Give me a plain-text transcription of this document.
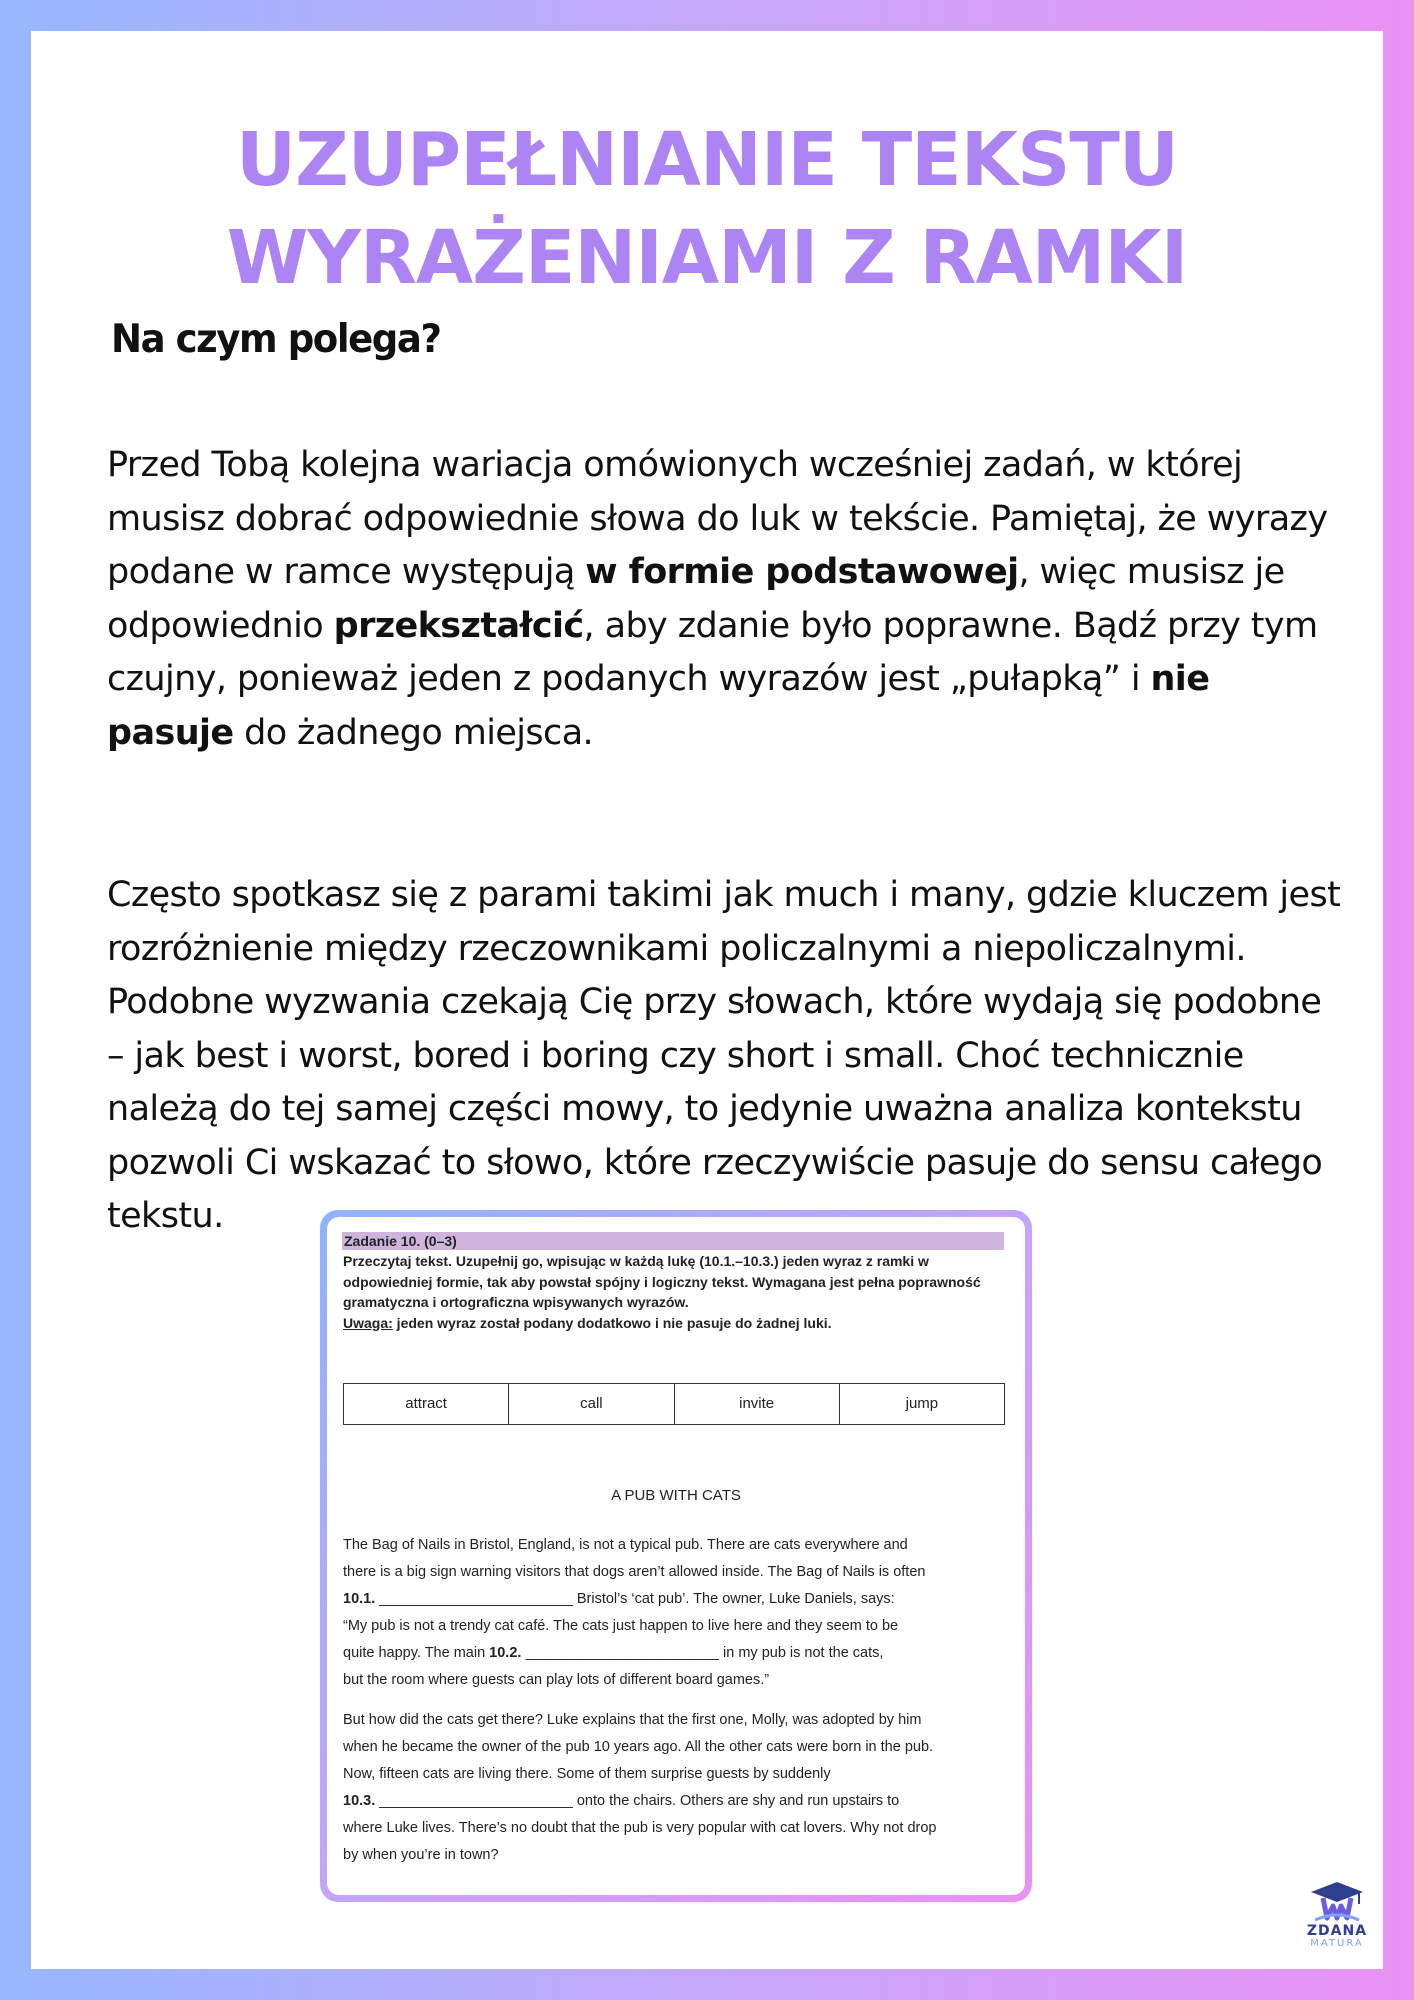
UZUPEŁNIANIE TEKSTU
WYRAŻENIAMI Z RAMKI
Na czym polega?

Przed Tobą kolejna wariacja omówionych wcześniej zadań, w której musisz dobrać odpowiednie słowa do luk w tekście. Pamiętaj, że wyrazy podane w ramce występują w formie podstawowej, więc musisz je odpowiednio przekształcić, aby zdanie było poprawne. Bądź przy tym czujny, ponieważ jeden z podanych wyrazów jest „pułapką” i nie pasuje do żadnego miejsca.

Często spotkasz się z parami takimi jak much i many, gdzie kluczem jest rozróżnienie między rzeczownikami policzalnymi a niepoliczalnymi. Podobne wyzwania czekają Cię przy słowach, które wydają się podobne – jak best i worst, bored i boring czy short i small. Choć technicznie należą do tej samej części mowy, to jedynie uważna analiza kontekstu pozwoli Ci wskazać to słowo, które rzeczywiście pasuje do sensu całego tekstu.

Zadanie 10. (0–3)
Przeczytaj tekst. Uzupełnij go, wpisując w każdą lukę (10.1.–10.3.) jeden wyraz z ramki w odpowiedniej formie, tak aby powstał spójny i logiczny tekst. Wymagana jest pełna poprawność gramatyczna i ortograficzna wpisywanych wyrazów.
Uwaga: jeden wyraz został podany dodatkowo i nie pasuje do żadnej luki.
attract	call	invite	jump
A PUB WITH CATS
The Bag of Nails in Bristol, England, is not a typical pub. There are cats everywhere and
there is a big sign warning visitors that dogs aren’t allowed inside. The Bag of Nails is often
10.1. ________________________ Bristol’s ‘cat pub’. The owner, Luke Daniels, says:
“My pub is not a trendy cat café. The cats just happen to live here and they seem to be
quite happy. The main 10.2. ________________________ in my pub is not the cats,
but the room where guests can play lots of different board games.”
But how did the cats get there? Luke explains that the first one, Molly, was adopted by him
when he became the owner of the pub 10 years ago. All the other cats were born in the pub.
Now, fifteen cats are living there. Some of them surprise guests by suddenly
10.3. ________________________ onto the chairs. Others are shy and run upstairs to
where Luke lives. There’s no doubt that the pub is very popular with cat lovers. Why not drop
by when you’re in town?
ZDANA
MATURA
